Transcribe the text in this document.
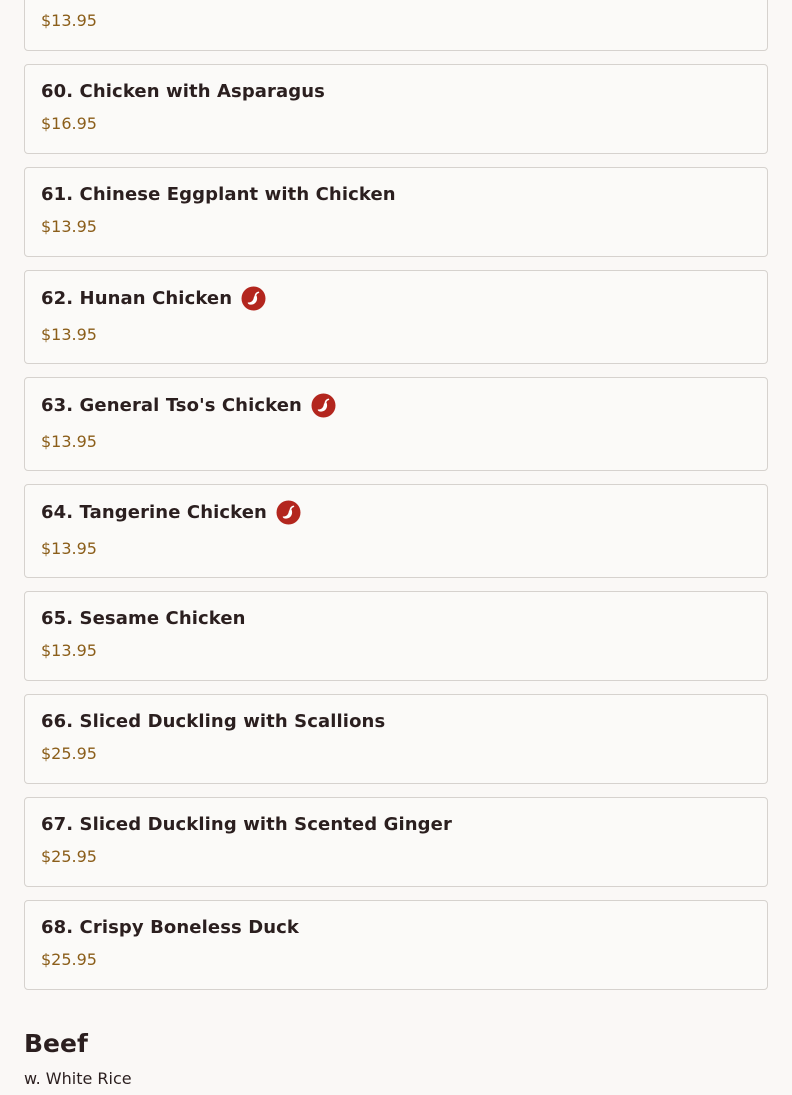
$13.95
60. Chicken with Asparagus
$16.95
61. Chinese Eggplant with Chicken
$13.95
62. Hunan Chicken
$13.95
63. General Tso's Chicken
$13.95
64. Tangerine Chicken
$13.95
65. Sesame Chicken
$13.95
66. Sliced Duckling with Scallions
$25.95
67. Sliced Duckling with Scented Ginger
$25.95
68. Crispy Boneless Duck
$25.95
Beef

w. White Rice
